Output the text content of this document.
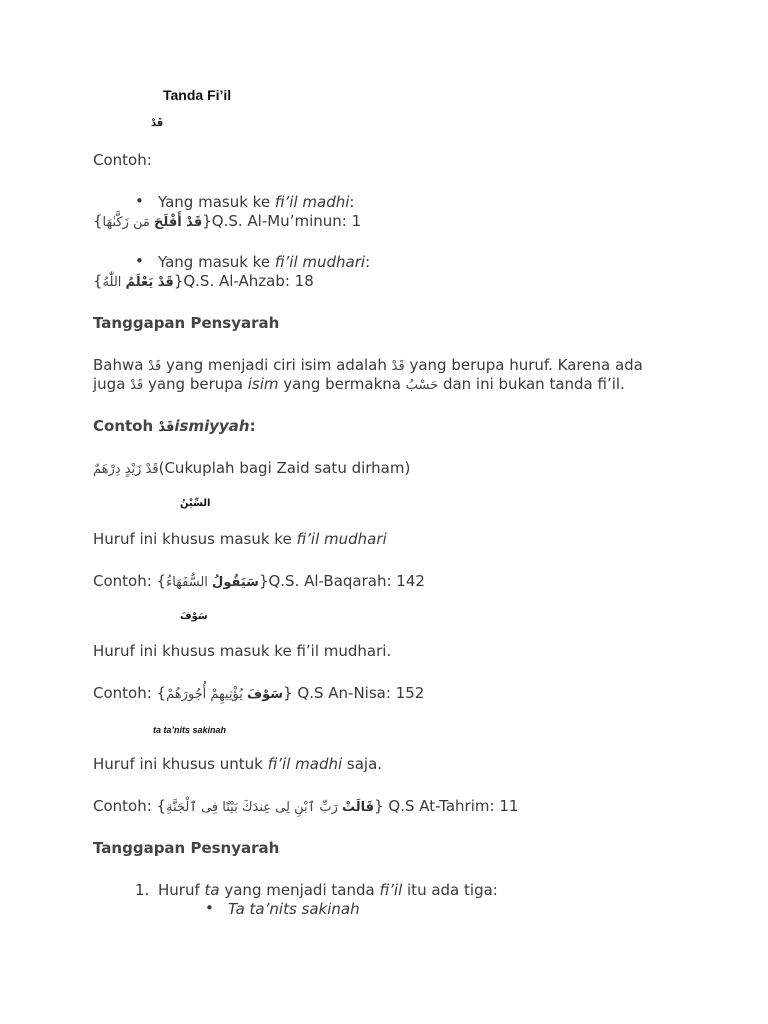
Tanda Fi’il
قَدْ
Contoh:
• Yang masuk ke fi’il madhi:
{	قَدْ أَفْلَحَ مَن زَكَّىٰهَا	}Q.S. Al-Mu’minun: 1
• Yang masuk ke fi’il mudhari:
{ قَدْ يَعْلَمُ اللّٰهُ	}Q.S. Al-Ahzab: 18
Tanggapan Pensyarah
Bahwa قَدْ yang menjadi ciri isim adalah قَدْ yang berupa huruf. Karena ada
juga قَدْ yang berupa isim yang bermakna حَسْبُ dan ini bukan tanda fi’il.
Contoh قَدْismiyyah:
قَدْ زَيْدٍ دِرْهَمٌ(Cukuplah bagi Zaid satu dirham)
السِّيْنُ
Huruf ini khusus masuk ke fi’il mudhari
Contoh: {	سَيَقُولُ السُّفَهَاءُ	}Q.S. Al-Baqarah: 142
سَوْفَ
Huruf ini khusus masuk ke fi’il mudhari.
Contoh: {	سَوْفَ يُؤْتِيهِمْ أُجُورَهُمْ } Q.S An-Nisa: 152
ta ta’nits sakinah
Huruf ini khusus untuk fi’il madhi saja.
Contoh: {	قَالَتْ رَبِّ ٱبْنِ لِى عِندَكَ بَيْتًا فِى ٱلْجَنَّةِ } Q.S At-Tahrim: 11
Tanggapan Pesnyarah
1. Huruf ta yang menjadi tanda fi’il itu ada tiga:
• Ta ta’nits sakinah
